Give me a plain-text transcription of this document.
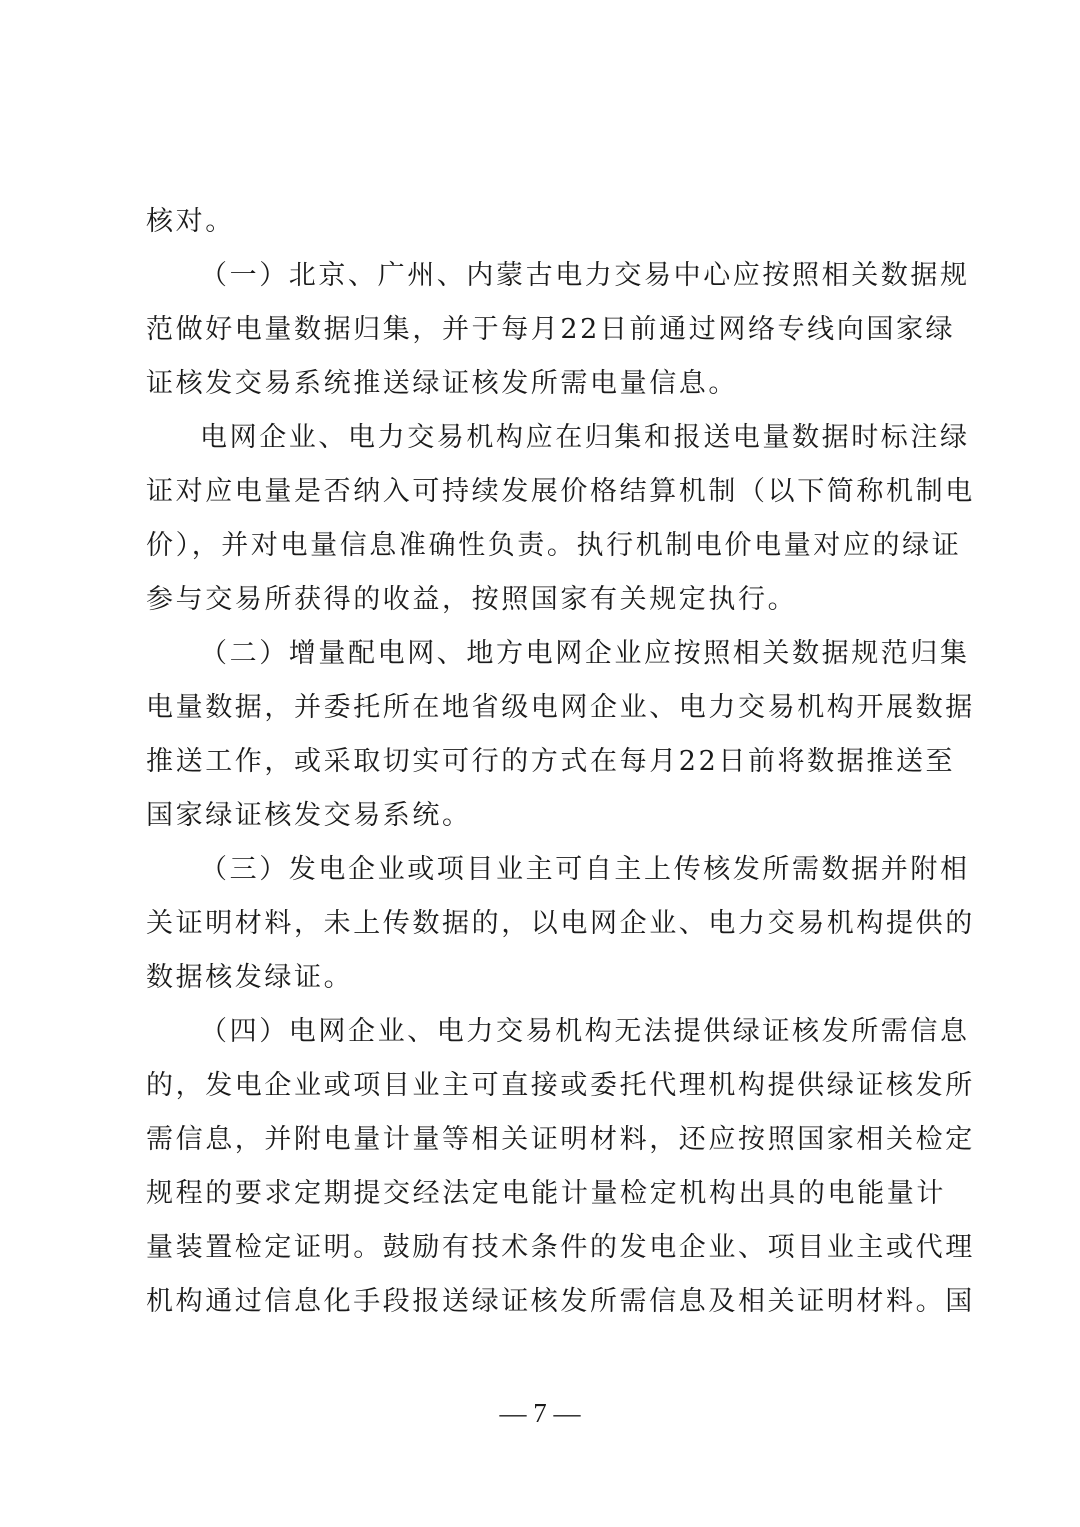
核对。
（一）北京、广州、内蒙古电力交易中心应按照相关数据规
范做好电量数据归集，并于每月22日前通过网络专线向国家绿
证核发交易系统推送绿证核发所需电量信息。
电网企业、电力交易机构应在归集和报送电量数据时标注绿
证对应电量是否纳入可持续发展价格结算机制（以下简称机制电
价），并对电量信息准确性负责。执行机制电价电量对应的绿证
参与交易所获得的收益，按照国家有关规定执行。
（二）增量配电网、地方电网企业应按照相关数据规范归集
电量数据，并委托所在地省级电网企业、电力交易机构开展数据
推送工作，或采取切实可行的方式在每月22日前将数据推送至
国家绿证核发交易系统。
（三）发电企业或项目业主可自主上传核发所需数据并附相
关证明材料，未上传数据的，以电网企业、电力交易机构提供的
数据核发绿证。
（四）电网企业、电力交易机构无法提供绿证核发所需信息
的，发电企业或项目业主可直接或委托代理机构提供绿证核发所
需信息，并附电量计量等相关证明材料，还应按照国家相关检定
规程的要求定期提交经法定电能计量检定机构出具的电能量计
量装置检定证明。鼓励有技术条件的发电企业、项目业主或代理
机构通过信息化手段报送绿证核发所需信息及相关证明材料。国
— 7 —
